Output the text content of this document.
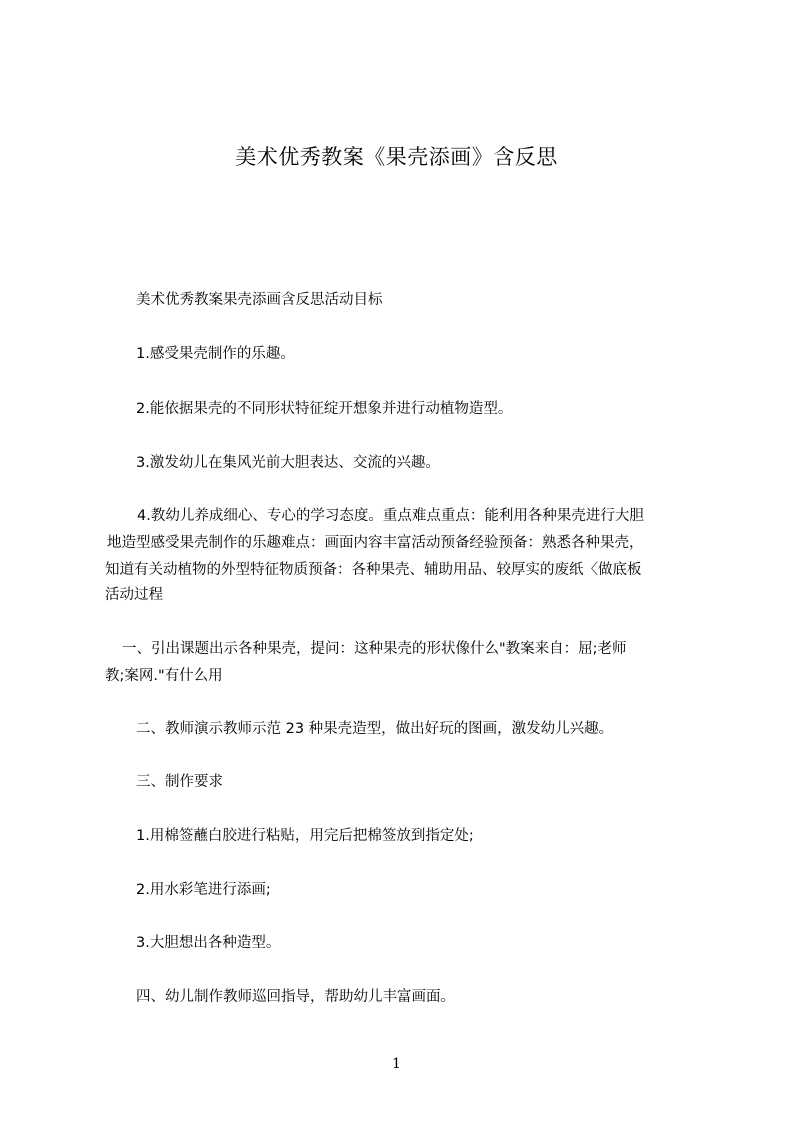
美术优秀教案《果壳添画》含反思
美术优秀教案果壳添画含反思活动目标
1.感受果壳制作的乐趣。
2.能依据果壳的不同形状特征绽开想象并进行动植物造型。
3.激发幼儿在集风光前大胆表达、交流的兴趣。
4.教幼儿养成细心、专心的学习态度。重点难点重点：能利用各种果壳进行大胆
地造型感受果壳制作的乐趣难点：画面内容丰富活动预备经验预备：熟悉各种果壳，
知道有关动植物的外型特征物质预备：各种果壳、辅助用品、较厚实的废纸〈做底板
活动过程
一、引出课题出示各种果壳，提问：这种果壳的形状像什么"教案来自：屈;老师
教;案网."有什么用
二、教师演示教师示范 23 种果壳造型，做出好玩的图画，激发幼儿兴趣。
三、制作要求
1.用棉签蘸白胶进行粘贴，用完后把棉签放到指定处;
2.用水彩笔进行添画;
3.大胆想出各种造型。
四、幼儿制作教师巡回指导，帮助幼儿丰富画面。
1
